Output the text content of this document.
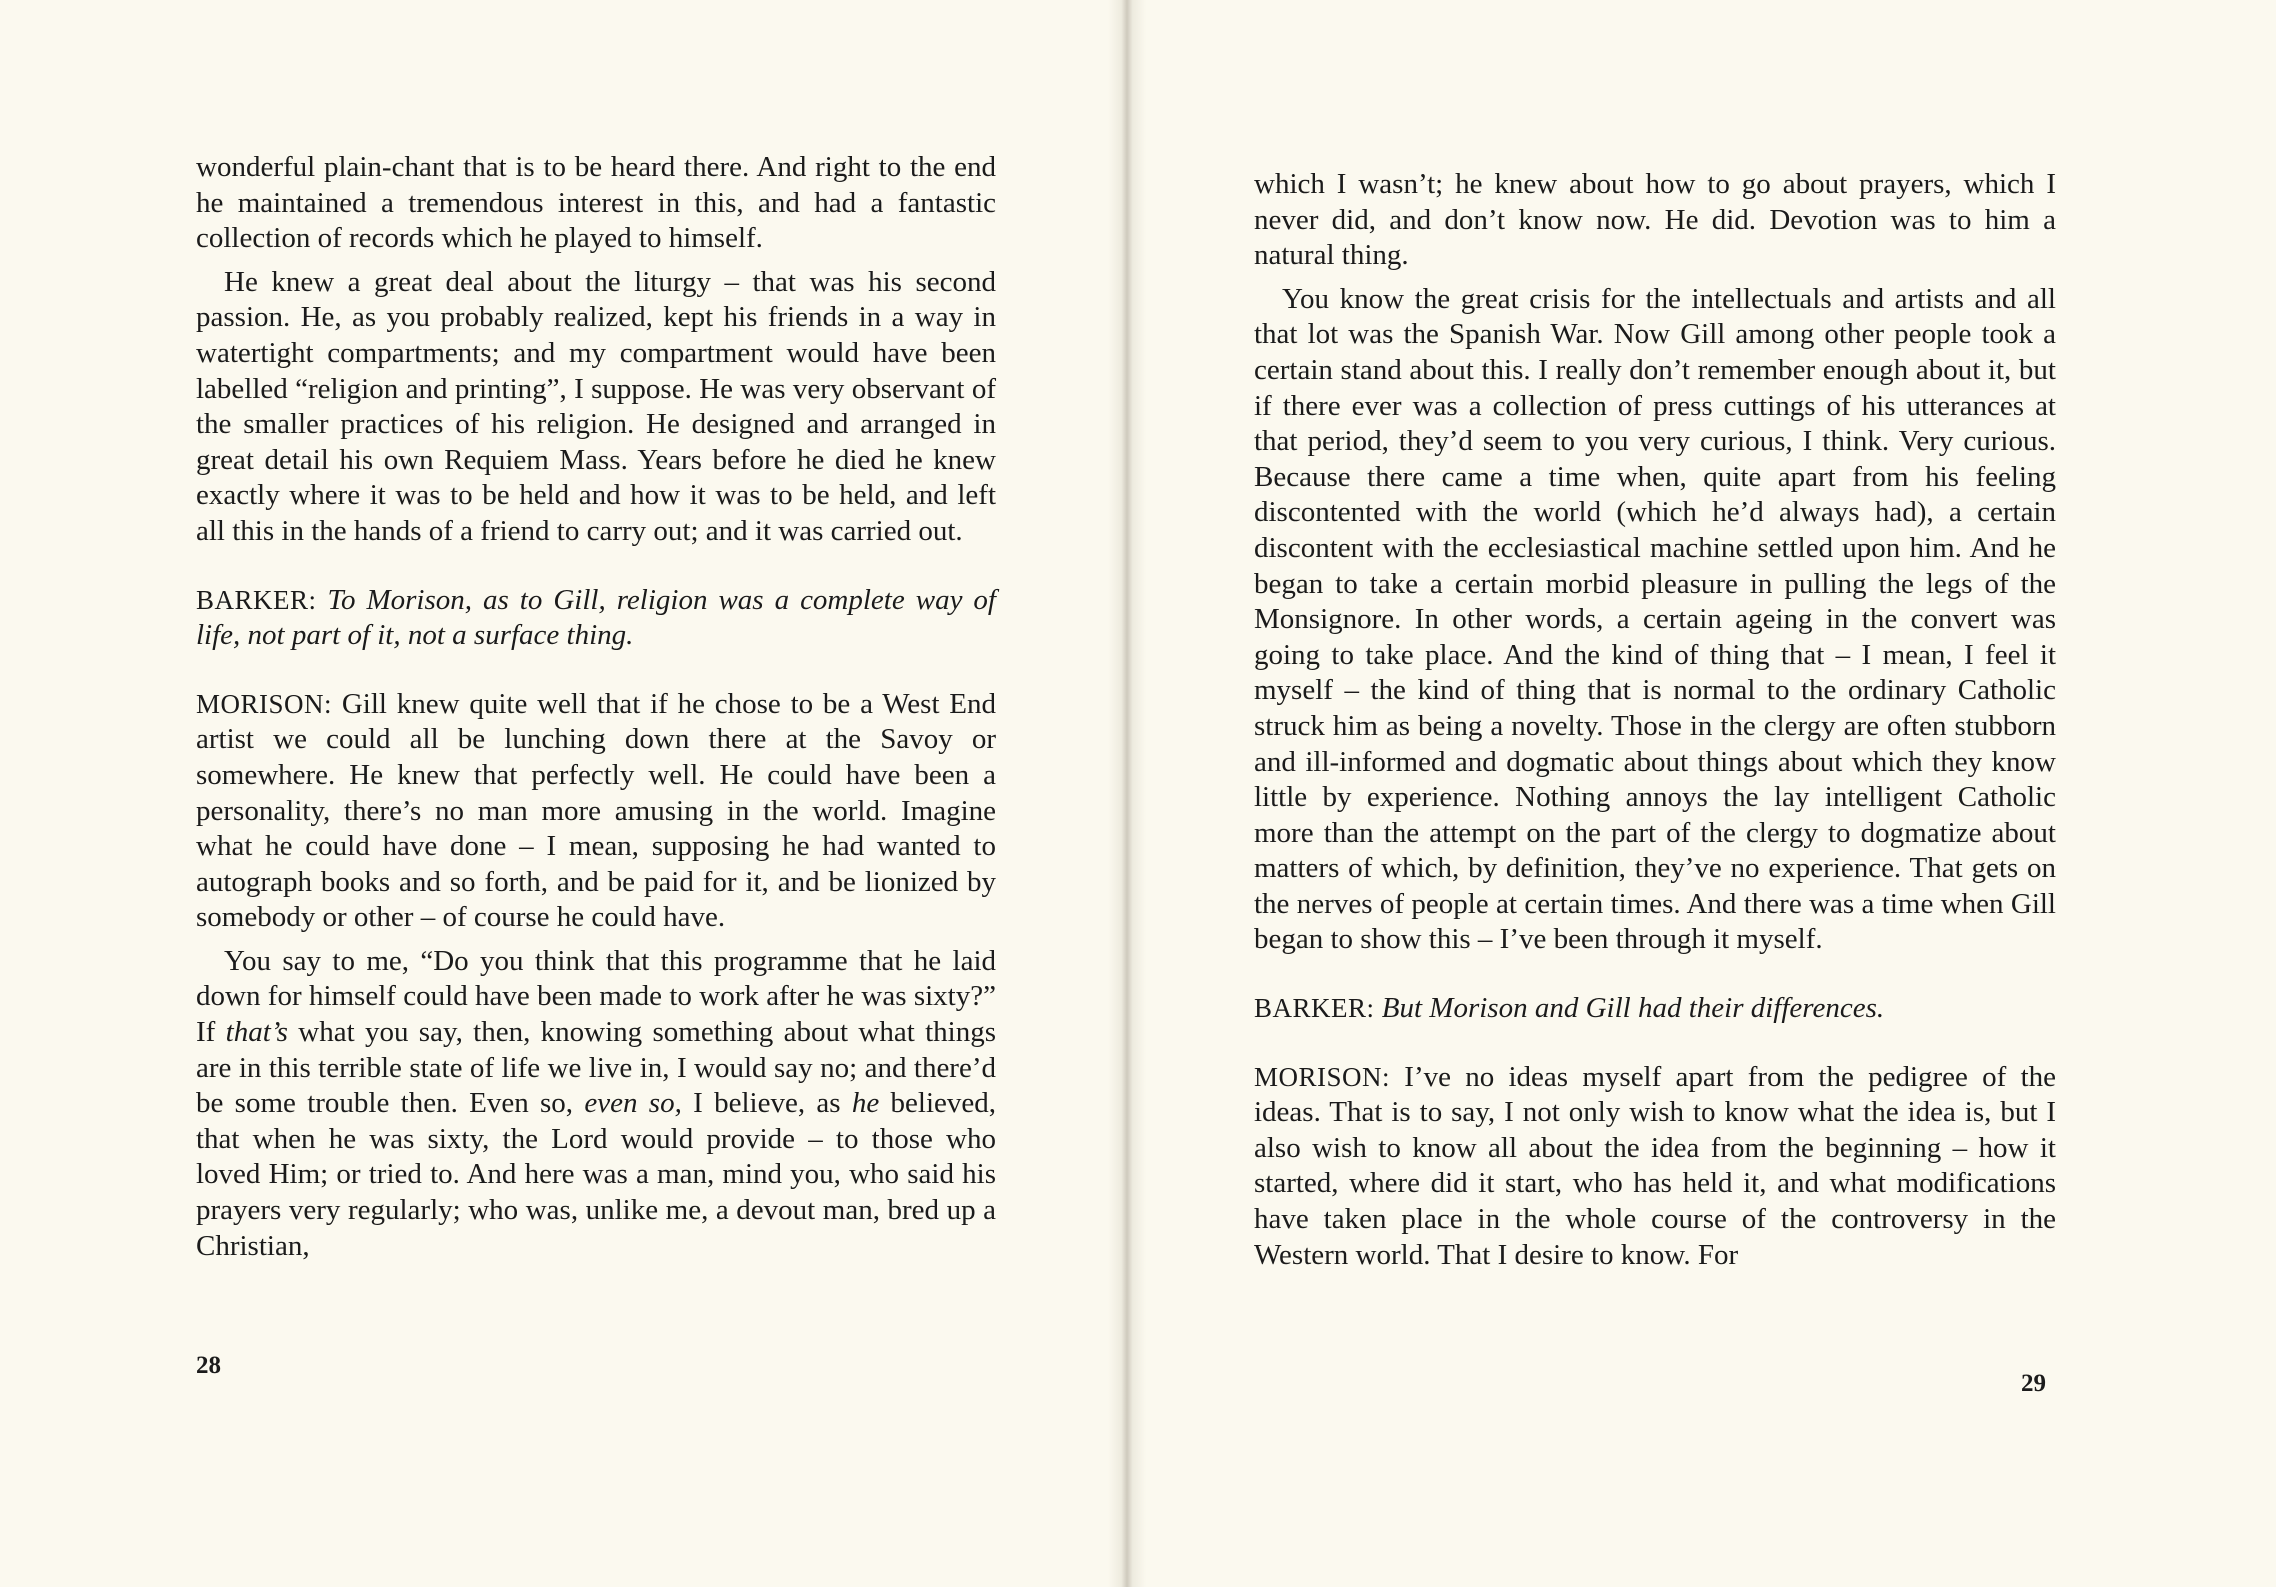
wonderful plain-chant that is to be heard there. And right to the end he maintained a tremendous interest in this, and had a fantastic collection of records which he played to himself.

He knew a great deal about the liturgy – that was his second passion. He, as you probably realized, kept his friends in a way in watertight compartments; and my compartment would have been labelled “religion and printing”, I suppose. He was very observant of the smaller practices of his religion. He designed and arranged in great detail his own Requiem Mass. Years before he died he knew exactly where it was to be held and how it was to be held, and left all this in the hands of a friend to carry out; and it was carried out.

BARKER: To Morison, as to Gill, religion was a complete way of life, not part of it, not a surface thing.

MORISON: Gill knew quite well that if he chose to be a West End artist we could all be lunching down there at the Savoy or somewhere. He knew that perfectly well. He could have been a personality, there’s no man more amusing in the world. Imagine what he could have done – I mean, supposing he had wanted to autograph books and so forth, and be paid for it, and be lionized by somebody or other – of course he could have.

You say to me, “Do you think that this programme that he laid down for himself could have been made to work after he was sixty?” If that’s what you say, then, knowing something about what things are in this terrible state of life we live in, I would say no; and there’d be some trouble then. Even so, even so, I believe, as he believed, that when he was sixty, the Lord would provide – to those who loved Him; or tried to. And here was a man, mind you, who said his prayers very regularly; who was, unlike me, a devout man, bred up a Christian,

28

which I wasn’t; he knew about how to go about prayers, which I never did, and don’t know now. He did. Devotion was to him a natural thing.

You know the great crisis for the intellectuals and artists and all that lot was the Spanish War. Now Gill among other people took a certain stand about this. I really don’t remember enough about it, but if there ever was a collection of press cuttings of his utterances at that period, they’d seem to you very curious, I think. Very curious. Because there came a time when, quite apart from his feeling discontented with the world (which he’d always had), a certain discontent with the ecclesiastical machine settled upon him. And he began to take a certain morbid pleasure in pulling the legs of the Monsignore. In other words, a certain ageing in the convert was going to take place. And the kind of thing that – I mean, I feel it myself – the kind of thing that is normal to the ordinary Catholic struck him as being a novelty. Those in the clergy are often stubborn and ill-informed and dogmatic about things about which they know little by experience. Nothing annoys the lay intelligent Catholic more than the attempt on the part of the clergy to dogmatize about matters of which, by definition, they’ve no experience. That gets on the nerves of people at certain times. And there was a time when Gill began to show this – I’ve been through it myself.

BARKER: But Morison and Gill had their differences.

MORISON: I’ve no ideas myself apart from the pedigree of the ideas. That is to say, I not only wish to know what the idea is, but I also wish to know all about the idea from the beginning – how it started, where did it start, who has held it, and what modifications have taken place in the whole course of the controversy in the Western world. That I desire to know. For

29
